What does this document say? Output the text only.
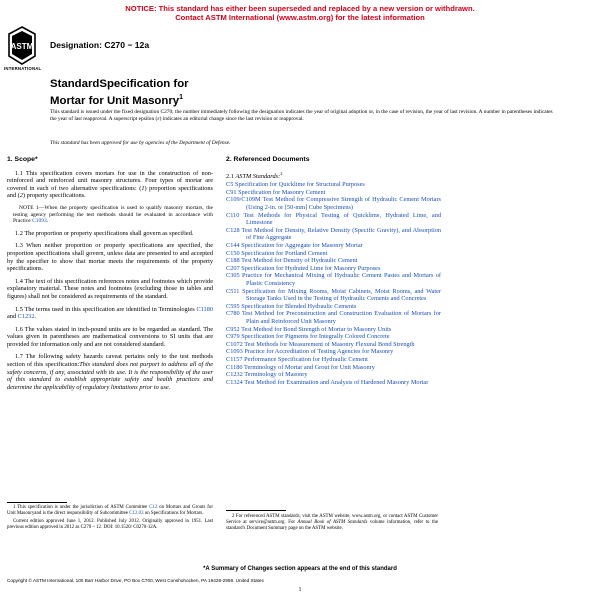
NOTICE: This standard has either been superseded and replaced by a new version or withdrawn.
Contact ASTM International (www.astm.org) for the latest information
ASTM
INTERNATIONAL
Designation: C270 − 12a
StandardSpecification for
Mortar for Unit Masonry$^1$
This standard is issued under the fixed designation C270; the number immediately following the designation indicates the year of original adoption or, in the case of revision, the year of last revision. A number in parentheses indicates the year of last reapproval. A superscript epsilon (ε) indicates an editorial change since the last revision or reapproval.
This standard has been approved for use by agencies of the Department of Defense.
1. Scope*

1.1 This specification covers mortars for use in the construction of non-reinforced and reinforced unit masonry structures. Four types of mortar are covered in each of two alternative specifications: (1) proportion specifications and (2) property specifications.

NOTE 1—When the property specification is used to qualify masonry mortars, the testing agency performing the test methods should be evaluated in accordance with Practice C1093.

1.2 The proportion or property specifications shall govern as specified.

1.3 When neither proportion or property specifications are specified, the proportion specifications shall govern, unless data are presented to and accepted by the specifier to show that mortar meets the requirements of the property specifications.

1.4 The text of this specification references notes and footnotes which provide explanatory material. These notes and footnotes (excluding those in tables and figures) shall not be considered as requirements of the standard.

1.5 The terms used in this specification are identified in Terminologies C1180 and C1232.

1.6 The values stated in inch-pound units are to be regarded as standard. The values given in parentheses are mathematical conversions to SI units that are provided for information only and are not considered standard.

1.7 The following safety hazards caveat pertains only to the test methods section of this specification:This standard does not purport to address all of the safety concerns, if any, associated with its use. It is the responsibility of the user of this standard to establish appropriate safety and health practices and determine the applicability of regulatory limitations prior to use.

2. Referenced Documents

2.1 ASTM Standards:$^2$

C5 Specification for Quicklime for Structural Purposes

C91 Specification for Masonry Cement

C109/C109M Test Method for Compressive Strength of Hydraulic Cement Mortars (Using 2-in. or [50-mm] Cube Specimens)

C110 Test Methods for Physical Testing of Quicklime, Hydrated Lime, and Limestone

C128 Test Method for Density, Relative Density (Specific Gravity), and Absorption of Fine Aggregate

C144 Specification for Aggregate for Masonry Mortar

C150 Specification for Portland Cement

C188 Test Method for Density of Hydraulic Cement

C207 Specification for Hydrated Lime for Masonry Purposes

C305 Practice for Mechanical Mixing of Hydraulic Cement Pastes and Mortars of Plastic Consistency

C511 Specification for Mixing Rooms, Moist Cabinets, Moist Rooms, and Water Storage Tanks Used in the Testing of Hydraulic Cements and Concretes

C595 Specification for Blended Hydraulic Cements

C780 Test Method for Preconstruction and Construction Evaluation of Mortars for Plain and Reinforced Unit Masonry

C952 Test Method for Bond Strength of Mortar to Masonry Units

C979 Specification for Pigments for Integrally Colored Concrete

C1072 Test Methods for Measurement of Masonry Flexural Bond Strength

C1093 Practice for Accreditation of Testing Agencies for Masonry

C1157 Performance Specification for Hydraulic Cement

C1180 Terminology of Mortar and Grout for Unit Masonry

C1232 Terminology of Masonry

C1324 Test Method for Examination and Analysis of Hardened Masonry Mortar

1 This specification is under the jurisdiction of ASTM Committee C12 on Mortars and Grouts for Unit Masonryand is the direct responsibility of Subcommittee C12.03 on Specifications for Mortars.

Current edition approved June 1, 2012. Published July 2012. Originally approved in 1951. Last previous edition approved in 2012 as C270 – 12. DOI: 10.1520/ C0270-12A.

2 For referenced ASTM standards, visit the ASTM website, www.astm.org, or contact ASTM Customer Service at service@astm.org. For Annual Book of ASTM Standards volume information, refer to the standard's Document Summary page on the ASTM website.

*A Summary of Changes section appears at the end of this standard
Copyright © ASTM International, 100 Barr Harbor Drive, PO Box C700, West Conshohocken, PA 19428-2959. United States
1
